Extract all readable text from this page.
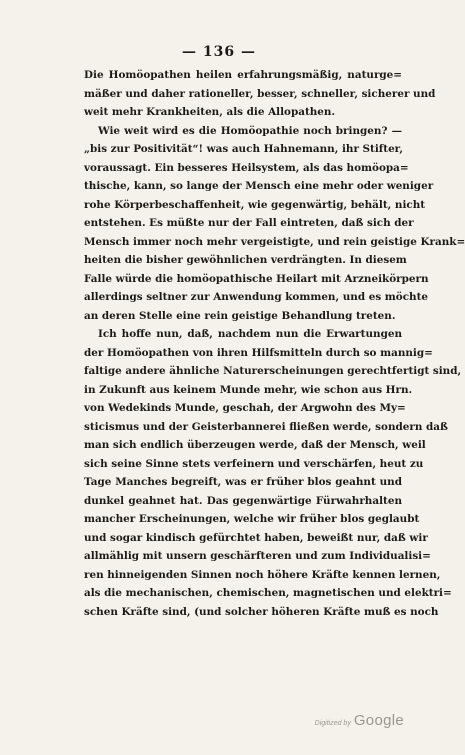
— 136 —
Die Homöopathen heilen erfahrungsmäßig, naturge=
mäßer und daher rationeller, besser, schneller, sicherer und
weit mehr Krankheiten, als die Allopathen.
Wie weit wird es die Homöopathie noch bringen? —
„bis zur Positivität“! was auch Hahnemann, ihr Stifter,
voraussagt. Ein besseres Heilsystem, als das homöopa=
thische, kann, so lange der Mensch eine mehr oder weniger
rohe Körperbeschaffenheit, wie gegenwärtig, behält, nicht
entstehen. Es müßte nur der Fall eintreten, daß sich der
Mensch immer noch mehr vergeistigte, und rein geistige Krank=
heiten die bisher gewöhnlichen verdrängten. In diesem
Falle würde die homöopathische Heilart mit Arzneikörpern
allerdings seltner zur Anwendung kommen, und es möchte
an deren Stelle eine rein geistige Behandlung treten.
Ich hoffe nun, daß, nachdem nun die Erwartungen
der Homöopathen von ihren Hilfsmitteln durch so mannig=
faltige andere ähnliche Naturerscheinungen gerechtfertigt sind,
in Zukunft aus keinem Munde mehr, wie schon aus Hrn.
von Wedekinds Munde, geschah, der Argwohn des My=
sticismus und der Geisterbannerei fließen werde, sondern daß
man sich endlich überzeugen werde, daß der Mensch, weil
sich seine Sinne stets verfeinern und verschärfen, heut zu
Tage Manches begreift, was er früher blos geahnt und
dunkel geahnet hat. Das gegenwärtige Fürwahrhalten
mancher Erscheinungen, welche wir früher blos geglaubt
und sogar kindisch gefürchtet haben, beweißt nur, daß wir
allmählig mit unsern geschärfteren und zum Individualisi=
ren hinneigenden Sinnen noch höhere Kräfte kennen lernen,
als die mechanischen, chemischen, magnetischen und elektri=
schen Kräfte sind, (und solcher höheren Kräfte muß es noch
Digitized by Google
